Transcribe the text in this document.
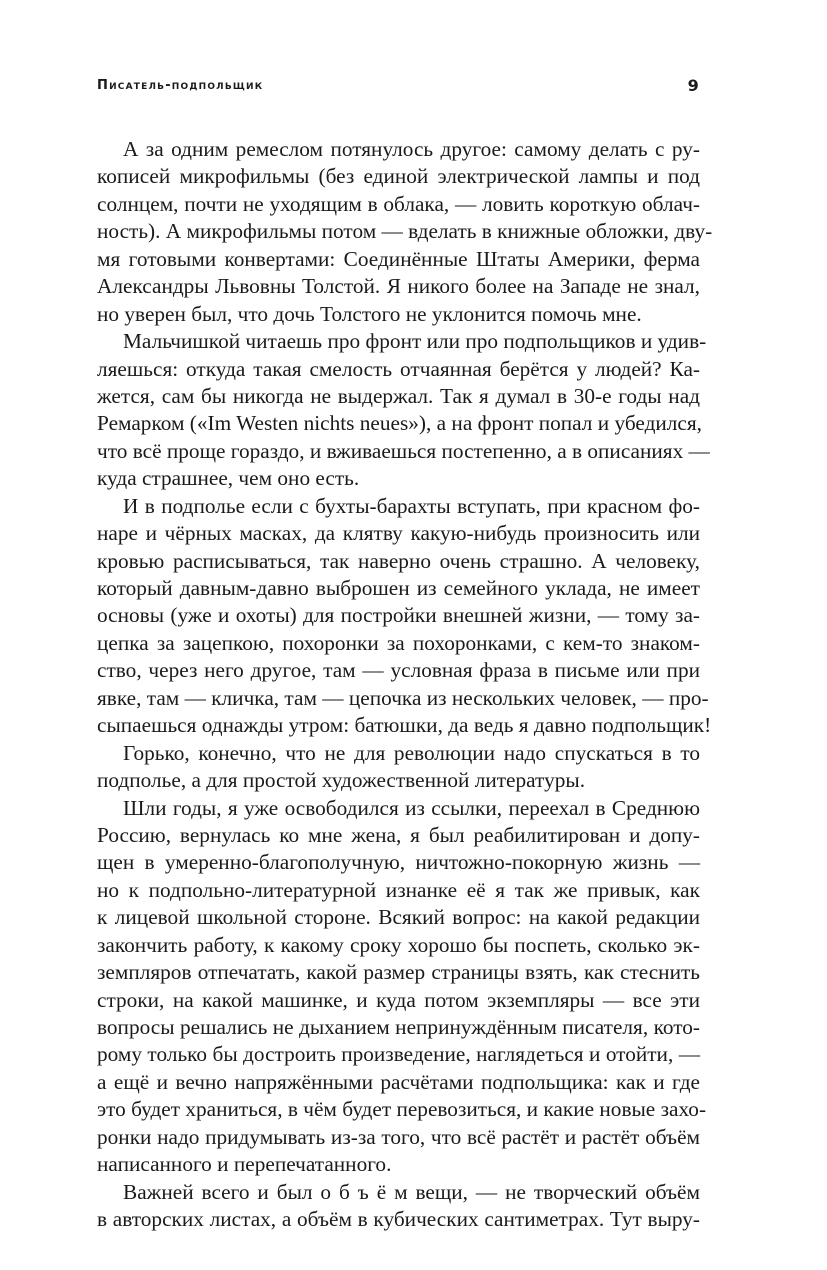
Писатель-подпольщик	9
А за одним ремеслом потянулось другое: самому делать с ру-
кописей микрофильмы (без единой электрической лампы и под
солнцем, почти не уходящим в облака, — ловить короткую облач-
ность). А микрофильмы потом — вделать в книжные обложки, дву-
мя готовыми конвертами: Соединённые Штаты Америки, ферма
Александры Львовны Толстой. Я никого более на Западе не знал,
но уверен был, что дочь Толстого не уклонится помочь мне.
Мальчишкой читаешь про фронт или про подпольщиков и удив-
ляешься: откуда такая смелость отчаянная берётся у людей? Ка-
жется, сам бы никогда не выдержал. Так я думал в 30-е годы над
Ремарком («Im Westen nichts neues»), а на фронт попал и убедился,
что всё проще гораздо, и вживаешься постепенно, а в описаниях —
куда страшнее, чем оно есть.
И в подполье если с бухты-барахты вступать, при красном фо-
наре и чёрных масках, да клятву какую-нибудь произносить или
кровью расписываться, так наверно очень страшно. А человеку,
который давным-давно выброшен из семейного уклада, не имеет
основы (уже и охоты) для постройки внешней жизни, — тому за-
цепка за зацепкою, похоронки за похоронками, с кем-то знаком-
ство, через него другое, там — условная фраза в письме или при
явке, там — кличка, там — цепочка из нескольких человек, — про-
сыпаешься однажды утром: батюшки, да ведь я давно подпольщик!
Горько, конечно, что не для революции надо спускаться в то
подполье, а для простой художественной литературы.
Шли годы, я уже освободился из ссылки, переехал в Среднюю
Россию, вернулась ко мне жена, я был реабилитирован и допу-
щен в умеренно-благополучную, ничтожно-покорную жизнь —
но к подпольно-литературной изнанке её я так же привык, как
к лицевой школьной стороне. Всякий вопрос: на какой редакции
закончить работу, к какому сроку хорошо бы поспеть, сколько эк-
земпляров отпечатать, какой размер страницы взять, как стеснить
строки, на какой машинке, и куда потом экземпляры — все эти
вопросы решались не дыханием непринуждённым писателя, кото-
рому только бы достроить произведение, наглядеться и отойти, —
а ещё и вечно напряжёнными расчётами подпольщика: как и где
это будет храниться, в чём будет перевозиться, и какие новые захо-
ронки надо придумывать из-за того, что всё растёт и растёт объём
написанного и перепечатанного.
Важней всего и был о б ъ ё м вещи, — не творческий объём
в авторских листах, а объём в кубических сантиметрах. Тут выру-
